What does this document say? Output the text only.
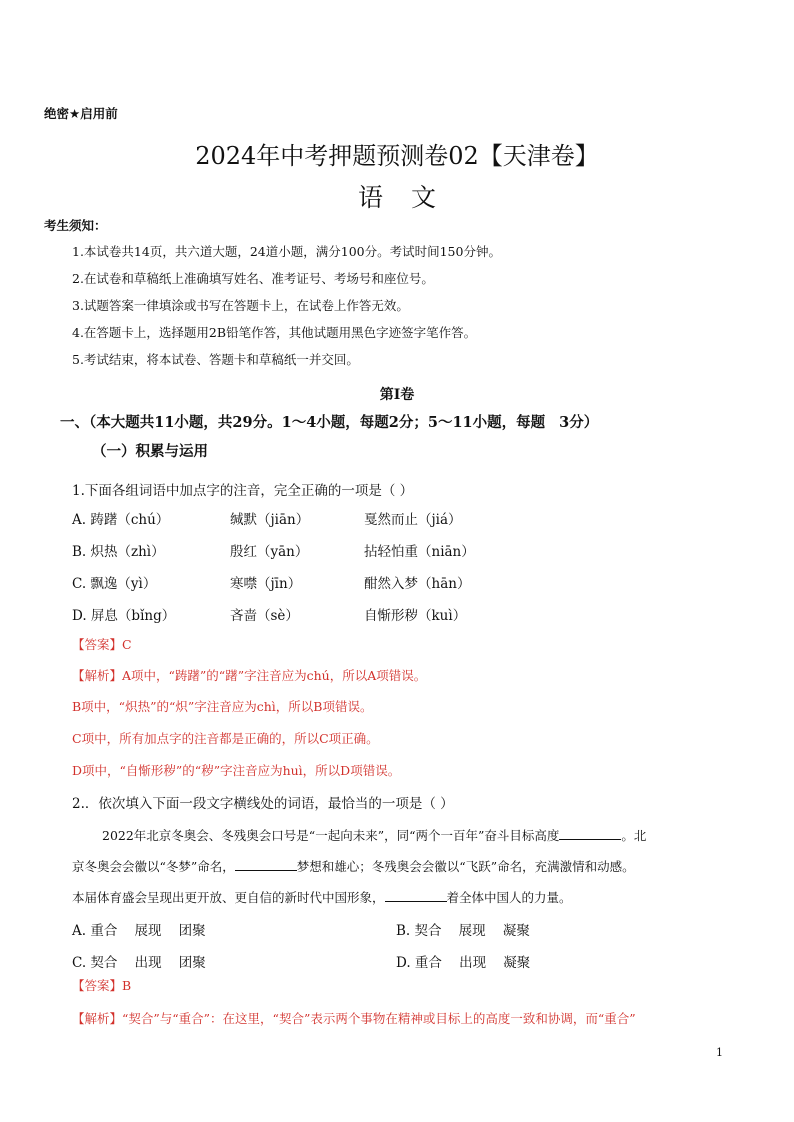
绝密★启用前
2024年中考押题预测卷02【天津卷】
语 文
考生须知：
1.本试卷共14页，共六道大题，24道小题，满分100分。考试时间150分钟。
2.在试卷和草稿纸上准确填写姓名、准考证号、考场号和座位号。
3.试题答案一律填涂或书写在答题卡上，在试卷上作答无效。
4.在答题卡上，选择题用2B铅笔作答，其他试题用黑色字迹签字笔作答。
5.考试结束，将本试卷、答题卡和草稿纸一并交回。
第Ⅰ卷
一、（本大题共11小题，共29分。1～4小题，每题2分；5～11小题，每题 3分）
（一）积累与运用
1.下面各组词语中加点字的注音，完全正确的一项是（ ）
A. 踌躇（chú）	缄默（jiān）	戛然而止（jiá）
B. 炽热（zhì）	殷红（yān）	拈轻怕重（niān）
C. 飘逸（yì）	寒噤（jīn）	酣然入梦（hān）
D. 屏息（bǐng）	吝啬（sè）	自惭形秽（kuì）
【答案】C
【解析】A项中，“踌躇”的“躇”字注音应为chú，所以A项错误。
B项中，“炽热”的“炽”字注音应为chì，所以B项错误。
C项中，所有加点字的注音都是正确的，所以C项正确。
D项中，“自惭形秽”的“秽”字注音应为huì，所以D项错误。
2.．依次填入下面一段文字横线处的词语，最恰当的一项是（ ）
2022年北京冬奥会、冬残奥会口号是“一起向未来”，同“两个一百年”奋斗目标高度	。北
京冬奥会会徽以“冬梦”命名，	梦想和雄心；冬残奥会会徽以“飞跃”命名，充满激情和动感。
本届体育盛会呈现出更开放、更自信的新时代中国形象，	着全体中国人的力量。
A. 重合    展现    团聚	B. 契合    展现    凝聚
C. 契合    出现    团聚	D. 重合    出现    凝聚
【答案】B
【解析】“契合”与“重合”：在这里，“契合”表示两个事物在精神或目标上的高度一致和协调，而“重合”
1
